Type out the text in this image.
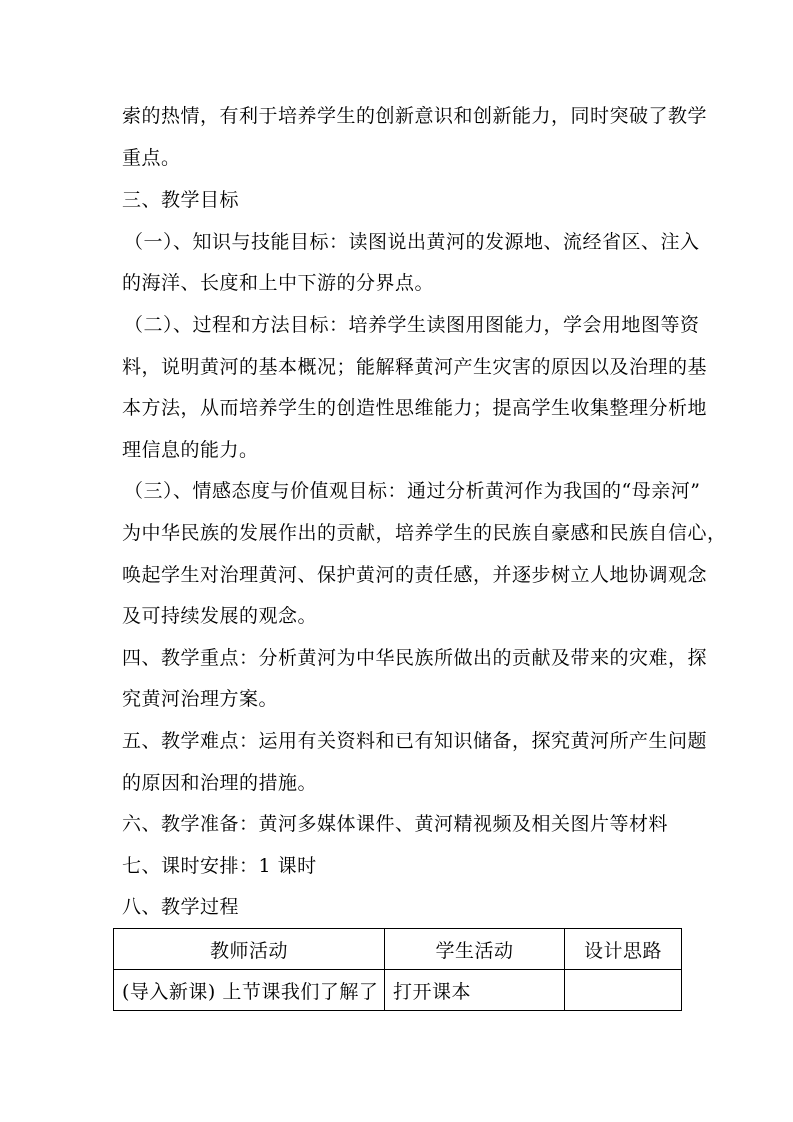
索的热情，有利于培养学生的创新意识和创新能力，同时突破了教学
重点。
三、教学目标
（一）、知识与技能目标：读图说出黄河的发源地、流经省区、注入
的海洋、长度和上中下游的分界点。
（二）、过程和方法目标：培养学生读图用图能力，学会用地图等资
料，说明黄河的基本概况；能解释黄河产生灾害的原因以及治理的基
本方法，从而培养学生的创造性思维能力；提高学生收集整理分析地
理信息的能力。
（三）、情感态度与价值观目标：通过分析黄河作为我国的“母亲河”
为中华民族的发展作出的贡献，培养学生的民族自豪感和民族自信心，
唤起学生对治理黄河、保护黄河的责任感，并逐步树立人地协调观念
及可持续发展的观念。
四、教学重点：分析黄河为中华民族所做出的贡献及带来的灾难，探
究黄河治理方案。
五、教学难点：运用有关资料和已有知识储备，探究黄河所产生问题
的原因和治理的措施。
六、教学准备：黄河多媒体课件、黄河精视频及相关图片等材料
七、课时安排：1 课时
八、教学过程
教师活动	学生活动	设计思路
(导入新课) 上节课我们了解了	打开课本	
